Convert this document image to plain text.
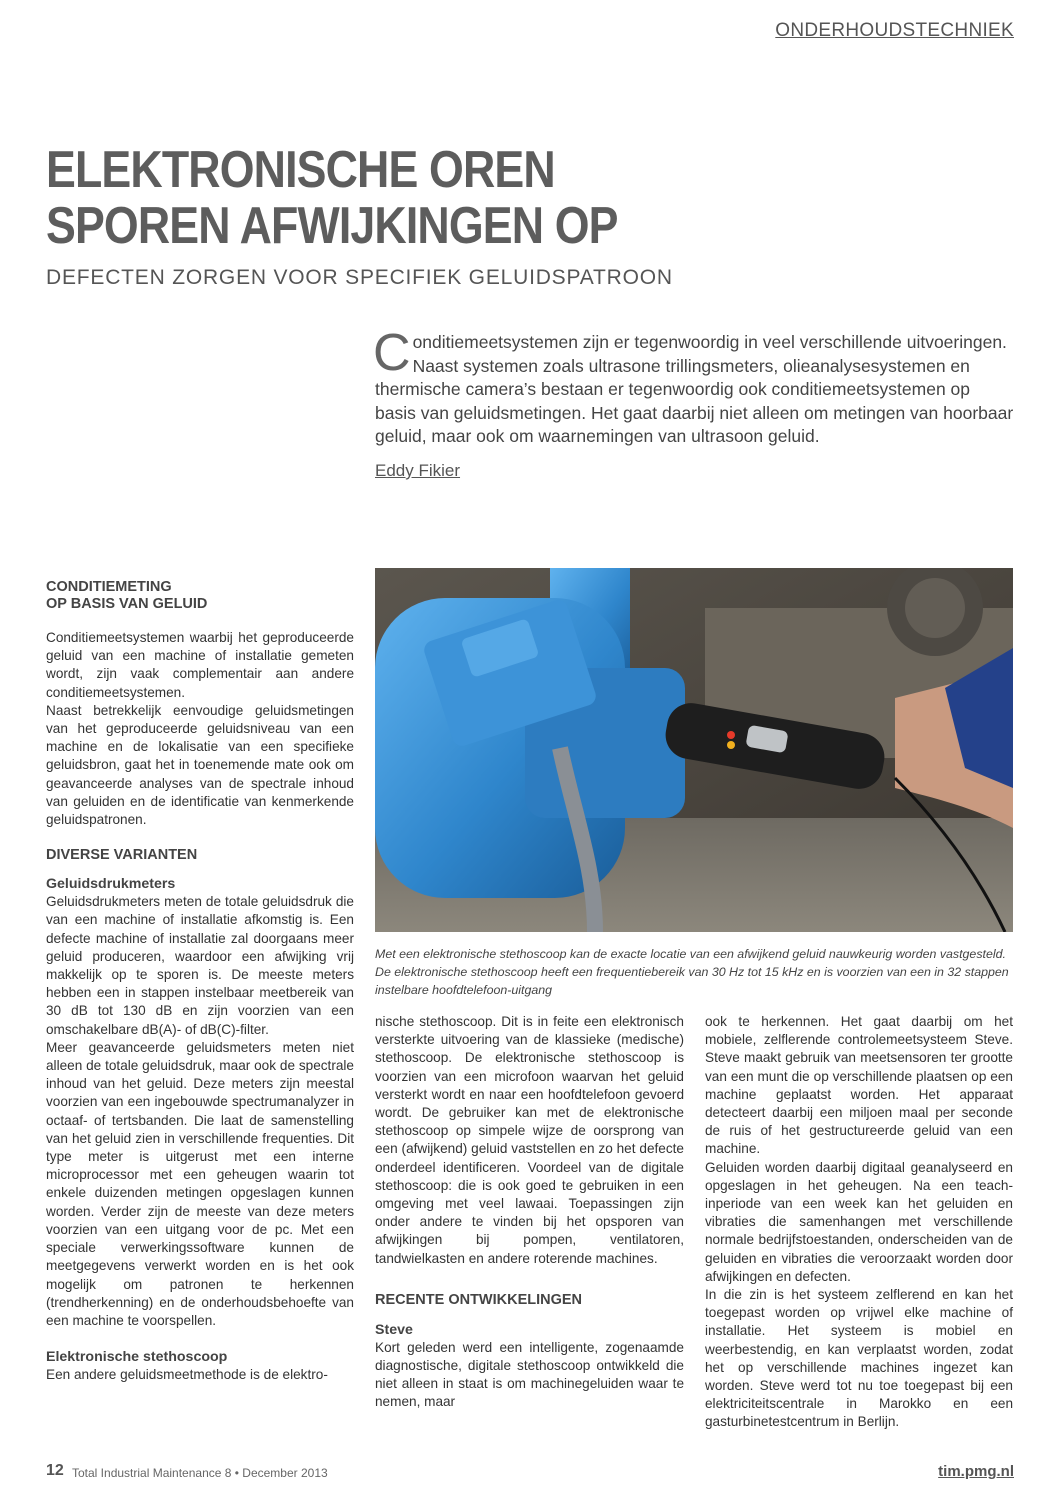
ONDERHOUDSTECHNIEK
ELEKTRONISCHE OREN
SPOREN AFWIJKINGEN OP
DEFECTEN ZORGEN VOOR SPECIFIEK GELUIDSPATROON
Conditiemeetsystemen zijn er tegenwoordig in veel verschillende uitvoeringen. Naast systemen zoals ultrasone trillingsmeters, olieanalysesystemen en thermische camera’s bestaan er tegenwoordig ook conditiemeetsystemen op basis van geluidsmetingen. Het gaat daarbij niet alleen om metingen van hoorbaar geluid, maar ook om waarnemingen van ultrasoon geluid.
Eddy Fikier

CONDITIEMETING

OP BASIS VAN GELUID

Conditiemeetsystemen waarbij het geproduceerde geluid van een machine of installatie gemeten wordt, zijn vaak complementair aan andere conditiemeetsystemen.

Naast betrekkelijk eenvoudige geluidsmetingen van het geproduceerde geluidsniveau van een machine en de lokalisatie van een specifieke geluidsbron, gaat het in toenemende mate ook om geavanceerde analyses van de spectrale inhoud van geluiden en de identificatie van kenmerkende geluidspatronen.

DIVERSE VARIANTEN

Geluidsdrukmeters

Geluidsdrukmeters meten de totale geluidsdruk die van een machine of installatie afkomstig is. Een defecte machine of installatie zal doorgaans meer geluid produceren, waardoor een afwijking vrij makkelijk op te sporen is. De meeste meters hebben een in stappen instelbaar meetbereik van 30 dB tot 130 dB en zijn voorzien van een omschakelbare dB(A)- of dB(C)-filter.

Meer geavanceerde geluidsmeters meten niet alleen de totale geluidsdruk, maar ook de spectrale inhoud van het geluid. Deze meters zijn meestal voorzien van een ingebouwde spectrumanalyzer in octaaf- of tertsbanden. Die laat de samenstelling van het geluid zien in verschillende frequenties. Dit type meter is uitgerust met een interne microprocessor met een geheugen waarin tot enkele duizenden metingen opgeslagen kunnen worden. Verder zijn de meeste van deze meters voorzien van een uitgang voor de pc. Met een speciale verwerkingssoftware kunnen de meetgegevens verwerkt worden en is het ook mogelijk om patronen te herkennen (trendherkenning) en de onderhoudsbehoefte van een machine te voorspellen.

Elektronische stethoscoop

Een andere geluidsmeetmethode is de elektro-

Met een elektronische stethoscoop kan de exacte locatie van een afwijkend geluid nauwkeurig worden vastgesteld. De elektronische stethoscoop heeft een frequentiebereik van 30 Hz tot 15 kHz en is voorzien van een in 32 stappen instelbare hoofdtelefoon-uitgang

nische stethoscoop. Dit is in feite een elektronisch versterkte uitvoering van de klassieke (medische) stethoscoop. De elektronische stethoscoop is voorzien van een microfoon waarvan het geluid versterkt wordt en naar een hoofdtelefoon gevoerd wordt. De gebruiker kan met de elektronische stethoscoop op simpele wijze de oorsprong van een (afwijkend) geluid vaststellen en zo het defecte onderdeel identificeren. Voordeel van de digitale stethoscoop: die is ook goed te gebruiken in een omgeving met veel lawaai. Toepassingen zijn onder andere te vinden bij het opsporen van afwijkingen bij pompen, ventilatoren, tandwielkasten en andere roterende machines.

RECENTE ONTWIKKELINGEN

Steve

Kort geleden werd een intelligente, zogenaamde diagnostische, digitale stethoscoop ontwikkeld die niet alleen in staat is om machinegeluiden waar te nemen, maar

ook te herkennen. Het gaat daarbij om het mobiele, zelflerende controlemeetsysteem Steve. Steve maakt gebruik van meetsensoren ter grootte van een munt die op verschillende plaatsen op een machine geplaatst worden. Het apparaat detecteert daarbij een miljoen maal per seconde de ruis of het gestructureerde geluid van een machine.

Geluiden worden daarbij digitaal geanalyseerd en opgeslagen in het geheugen. Na een teach-inperiode van een week kan het geluiden en vibraties die samenhangen met verschillende normale bedrijfstoestanden, onderscheiden van de geluiden en vibraties die veroorzaakt worden door afwijkingen en defecten.

In die zin is het systeem zelflerend en kan het toegepast worden op vrijwel elke machine of installatie. Het systeem is mobiel en weerbestendig, en kan verplaatst worden, zodat het op verschillende machines ingezet kan worden. Steve werd tot nu toe toegepast bij een elektriciteitscentrale in Marokko en een gasturbinetestcentrum in Berlijn.

12 Total Industrial Maintenance 8 • December 2013	tim.pmg.nl
